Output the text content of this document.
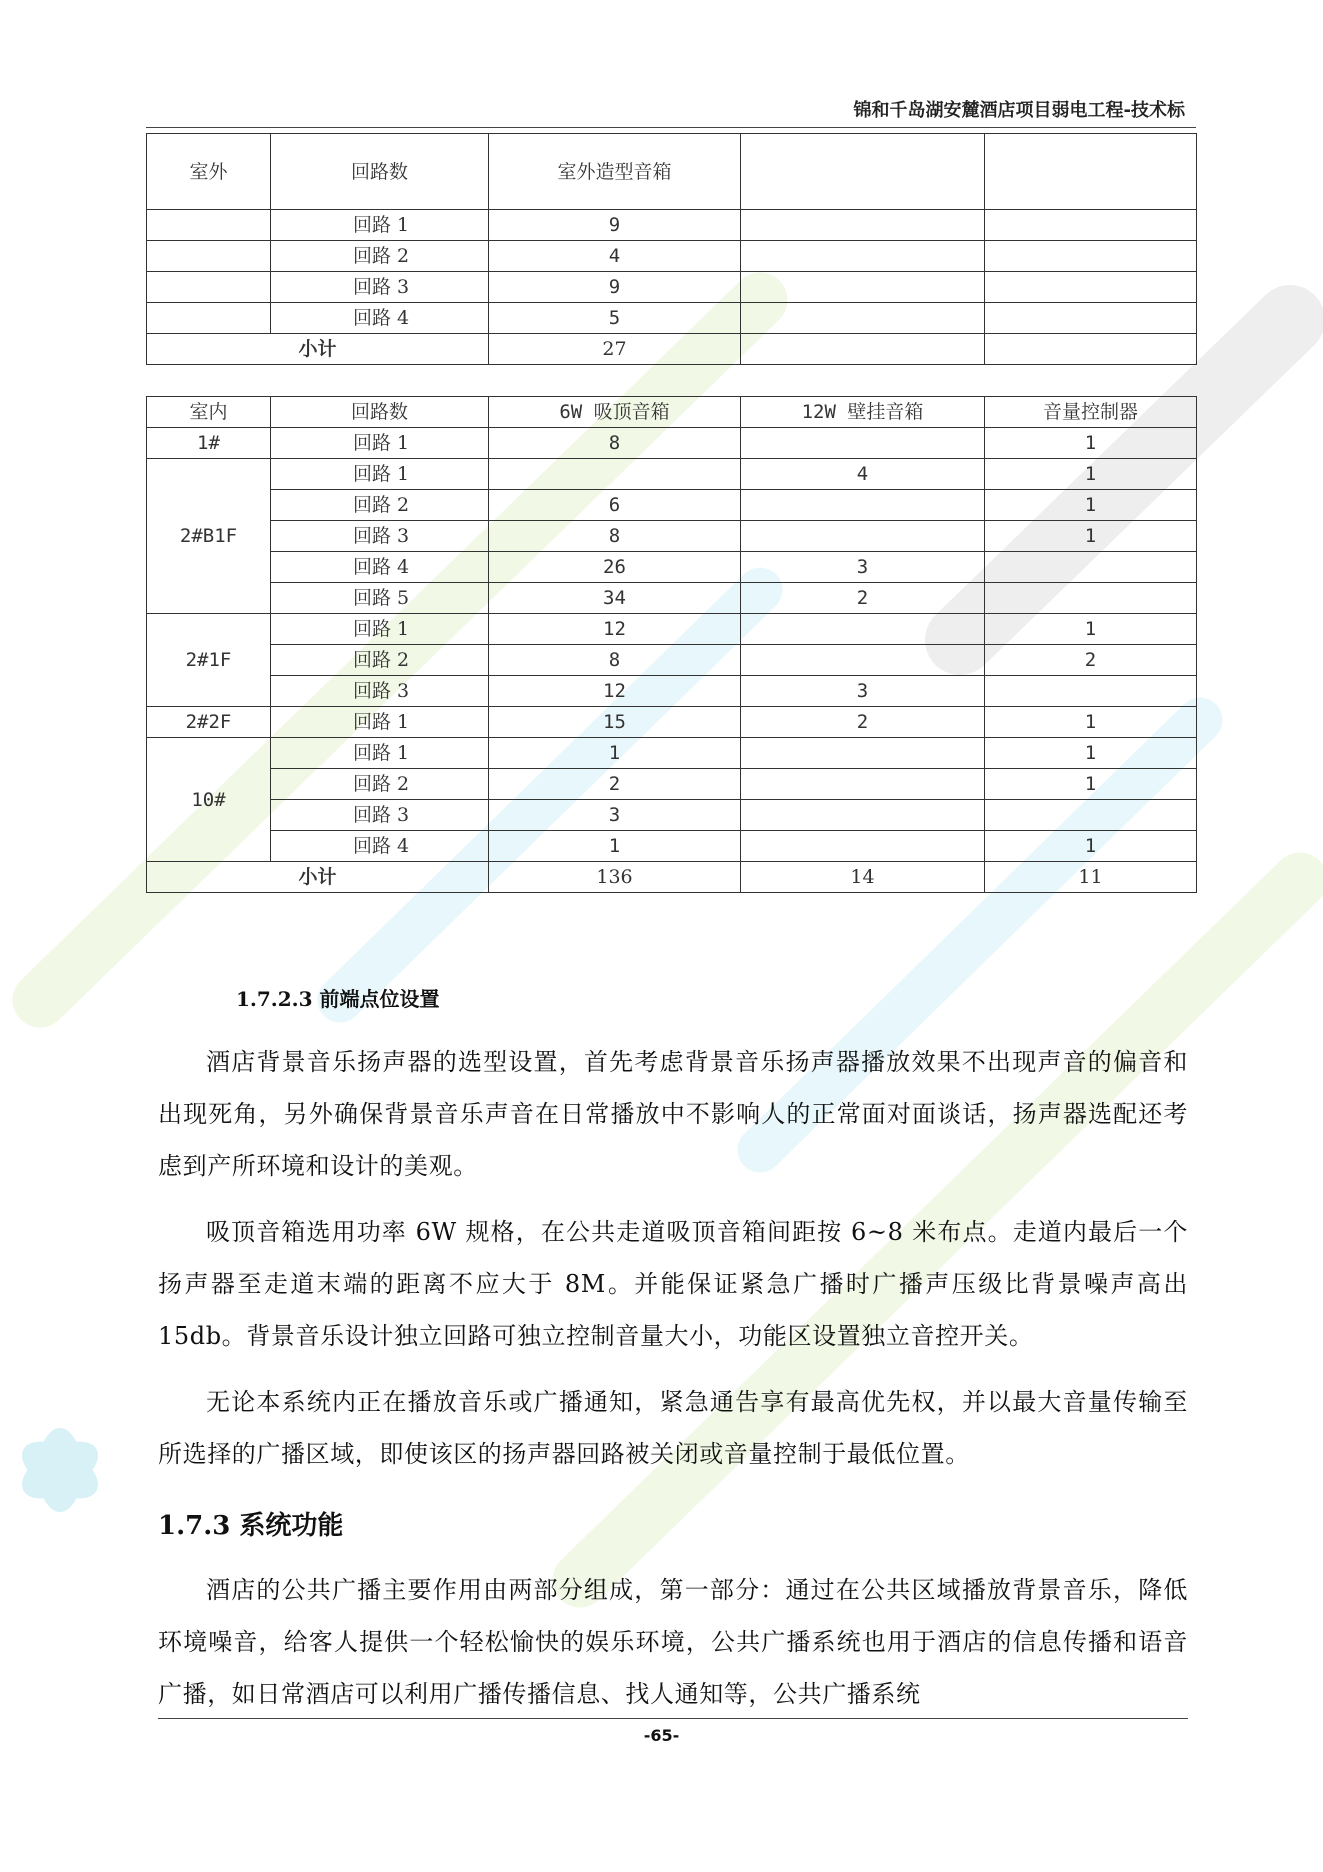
锦和千岛湖安麓酒店项目弱电工程-技术标
室外	回路数	室外造型音箱		
	回路 1	9		
	回路 2	4		
	回路 3	9		
	回路 4	5		
小计		27		
室内	回路数	6W 吸顶音箱	12W 壁挂音箱	音量控制器
1#	回路 1	8		1
2#B1F	回路 1		4	1
	回路 2	6		1
	回路 3	8		1
	回路 4	26	3	
	回路 5	34	2	
2#1F	回路 1	12		1
	回路 2	8		2
	回路 3	12	3	
2#2F	回路 1	15	2	1
10#	回路 1	1		1
	回路 2	2		1
	回路 3	3		
	回路 4	1		1
小计		136	14	11
1.7.2.3 前端点位设置
酒店背景音乐扬声器的选型设置，首先考虑背景音乐扬声器播放效果不出现声音的偏音和出现死角，另外确保背景音乐声音在日常播放中不影响人的正常面对面谈话，扬声器选配还考虑到产所环境和设计的美观。
吸顶音箱选用功率 6W 规格，在公共走道吸顶音箱间距按 6~8 米布点。走道内最后一个扬声器至走道末端的距离不应大于 8M。并能保证紧急广播时广播声压级比背景噪声高出 15db。背景音乐设计独立回路可独立控制音量大小，功能区设置独立音控开关。
无论本系统内正在播放音乐或广播通知，紧急通告享有最高优先权，并以最大音量传输至所选择的广播区域，即使该区的扬声器回路被关闭或音量控制于最低位置。
1.7.3 系统功能
酒店的公共广播主要作用由两部分组成，第一部分：通过在公共区域播放背景音乐，降低环境噪音，给客人提供一个轻松愉快的娱乐环境，公共广播系统也用于酒店的信息传播和语音广播，如日常酒店可以利用广播传播信息、找人通知等，公共广播系统
-65-
